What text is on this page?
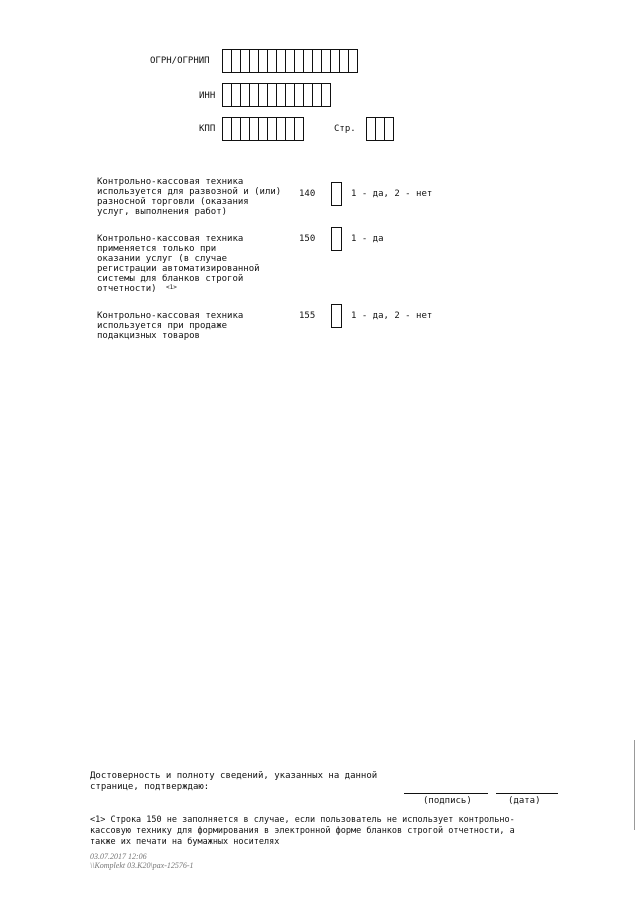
ОГРН/ОГРНИП
ИНН
КПП	Стр.
Контрольно-кассовая техника
используется для развозной и (или)
разносной торговли (оказания
услуг, выполнения работ)
140	1 - да, 2 - нет
Контрольно-кассовая техника
применяется только при
оказании услуг (в случае
регистрации автоматизированной
системы для бланков строгой
отчетности)	<1>
150	1 - да
Контрольно-кассовая техника
используется при продаже
подакцизных товаров
155	1 - да, 2 - нет
Достоверность и полноту сведений, указанных на данной
странице, подтверждаю:
(подпись)	(дата)
<1> Строка 150 не заполняется в случае, если пользователь не использует контрольно-
кассовую технику для формирования в электронной форме бланков строгой отчетности, а
также их печати на бумажных носителях
03.07.2017 12:06
\\Komplekt 03.K20\pax-12576-1
